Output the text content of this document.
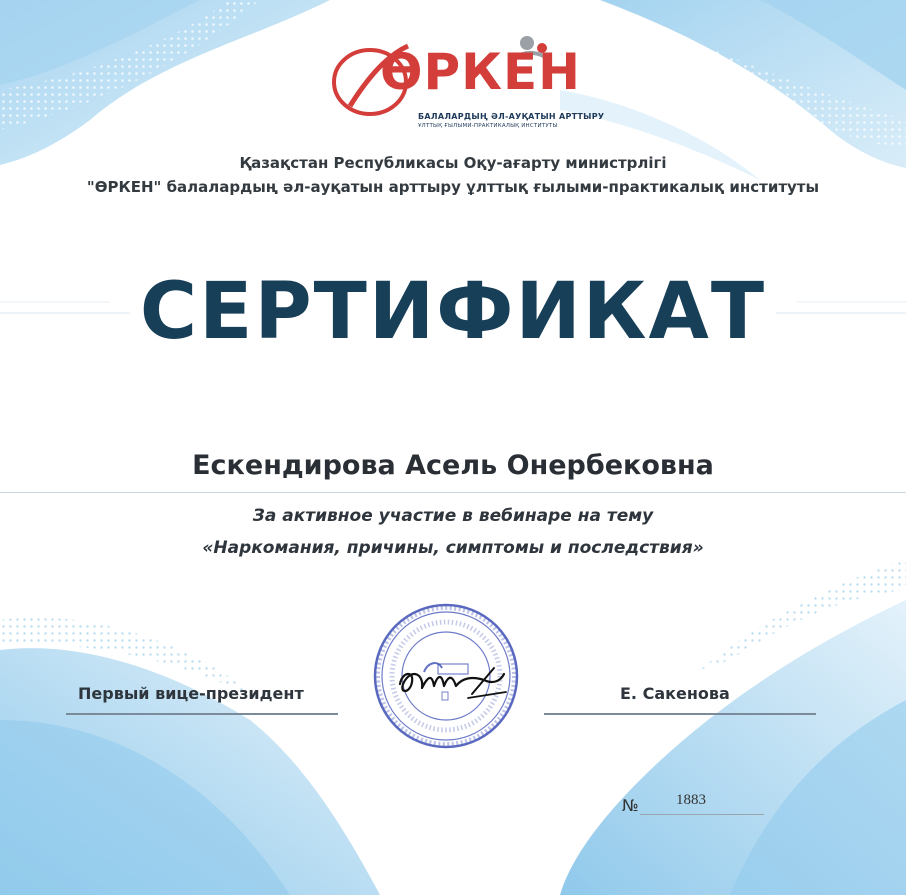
ӨРКЕН
БАЛАЛАРДЫҢ ӘЛ-АУҚАТЫН АРТТЫРУ
ҰЛТТЫҚ ҒЫЛЫМИ-ПРАКТИКАЛЫҚ ИНСТИТУТЫ
Қазақстан Республикасы Оқу-ағарту министрлігі
"ӨРКЕН" балалардың әл-ауқатын арттыру ұлттық ғылыми-практикалық институты
СЕРТИФИКАТ
Ескендирова Асель Онербековна
За активное участие в вебинаре на тему
«Наркомания, причины, симптомы и последствия»
Первый вице-президент	Е. Сакенова
№ 1883
